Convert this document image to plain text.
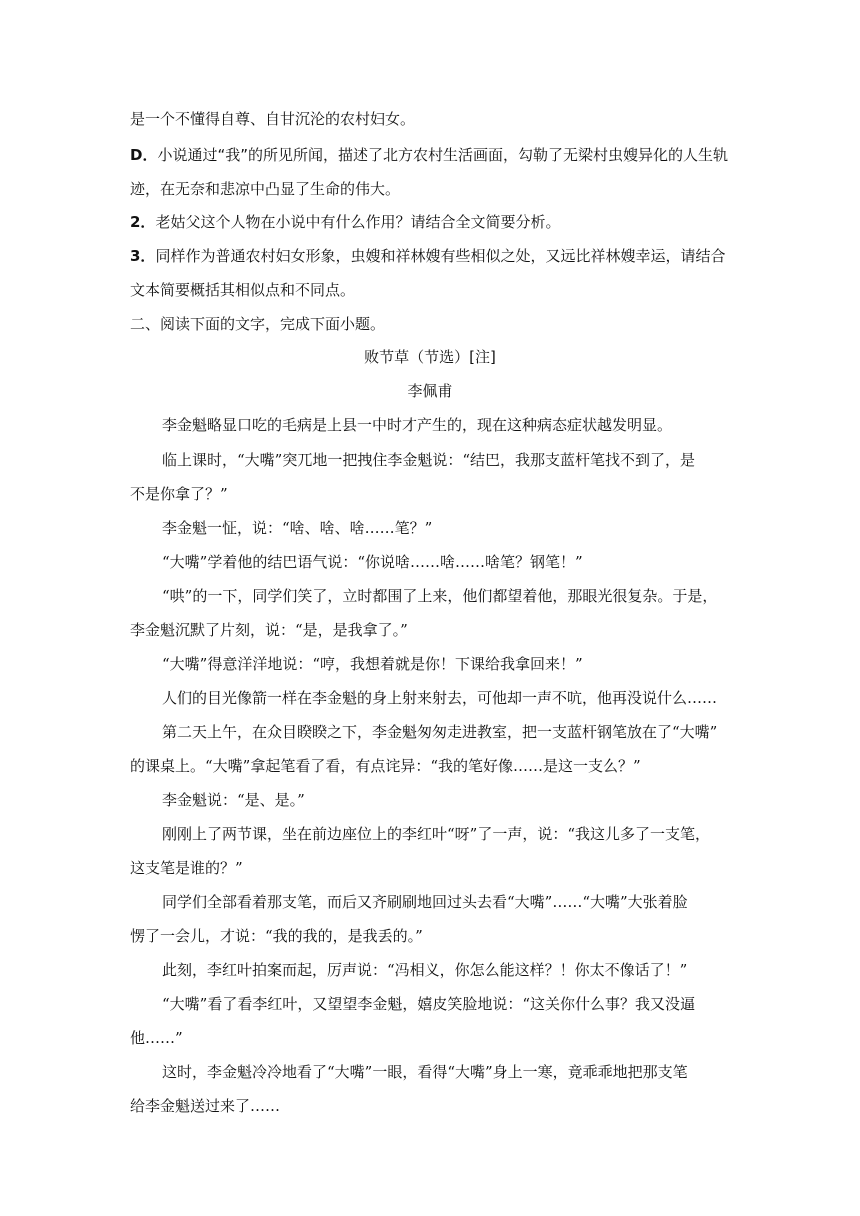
是一个不懂得自尊、自甘沉沦的农村妇女。
D．小说通过“我”的所见所闻，描述了北方农村生活画面，勾勒了无梁村虫嫂异化的人生轨
迹，在无奈和悲凉中凸显了生命的伟大。
2．老姑父这个人物在小说中有什么作用？请结合全文简要分析。
3．同样作为普通农村妇女形象，虫嫂和祥林嫂有些相似之处，又远比祥林嫂幸运，请结合
文本简要概括其相似点和不同点。
二、阅读下面的文字，完成下面小题。
败节草（节选）[注]
李佩甫
李金魁略显口吃的毛病是上县一中时才产生的，现在这种病态症状越发明显。
临上课时，“大嘴”突兀地一把拽住李金魁说：“结巴，我那支蓝杆笔找不到了，是
不是你拿了？”
李金魁一怔，说：“啥、啥、啥……笔？”
“大嘴”学着他的结巴语气说：“你说啥……啥……啥笔？钢笔！”
“哄”的一下，同学们笑了，立时都围了上来，他们都望着他，那眼光很复杂。于是，
李金魁沉默了片刻，说：“是，是我拿了。”
“大嘴”得意洋洋地说：“哼，我想着就是你！下课给我拿回来！”
人们的目光像箭一样在李金魁的身上射来射去，可他却一声不吭，他再没说什么……
第二天上午，在众目睽睽之下，李金魁匆匆走进教室，把一支蓝杆钢笔放在了“大嘴”
的课桌上。“大嘴”拿起笔看了看，有点诧异：“我的笔好像……是这一支么？”
李金魁说：“是、是。”
刚刚上了两节课，坐在前边座位上的李红叶“呀”了一声，说：“我这儿多了一支笔，
这支笔是谁的？”
同学们全部看着那支笔，而后又齐刷刷地回过头去看“大嘴”……“大嘴”大张着脸
愣了一会儿，才说：“我的我的，是我丢的。”
此刻，李红叶拍案而起，厉声说：“冯相义，你怎么能这样？！你太不像话了！”
“大嘴”看了看李红叶，又望望李金魁，嬉皮笑脸地说：“这关你什么事？我又没逼
他……”
这时，李金魁冷冷地看了“大嘴”一眼，看得“大嘴”身上一寒，竟乖乖地把那支笔
给李金魁送过来了……
